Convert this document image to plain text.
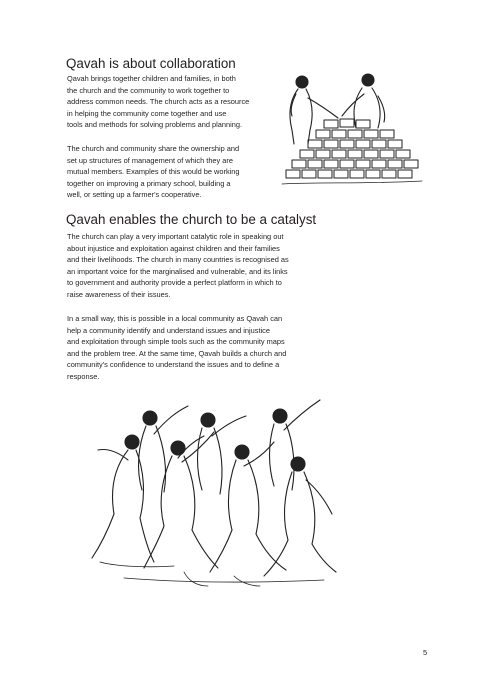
Qavah is about collaboration

Qavah brings together children and families, in both
the church and the community to work together to
address common needs. The church acts as a resource
in helping the community come together and use
tools and methods for solving problems and planning.

The church and community share the ownership and
set up structures of management of which they are
mutual members. Examples of this would be working
together on improving a primary school, building a
well, or setting up a farmer's cooperative.

Qavah enables the church to be a catalyst

The church can play a very important catalytic role in speaking out
about injustice and exploitation against children and their families
and their livelihoods. The church in many countries is recognised as
an important voice for the marginalised and vulnerable, and its links
to government and authority provide a perfect platform in which to
raise awareness of their issues.

In a small way, this is possible in a local community as Qavah can
help a community identify and understand issues and injustice
and exploitation through simple tools such as the community maps
and the problem tree. At the same time, Qavah builds a church and
community's confidence to understand the issues and to define a
response.

5
